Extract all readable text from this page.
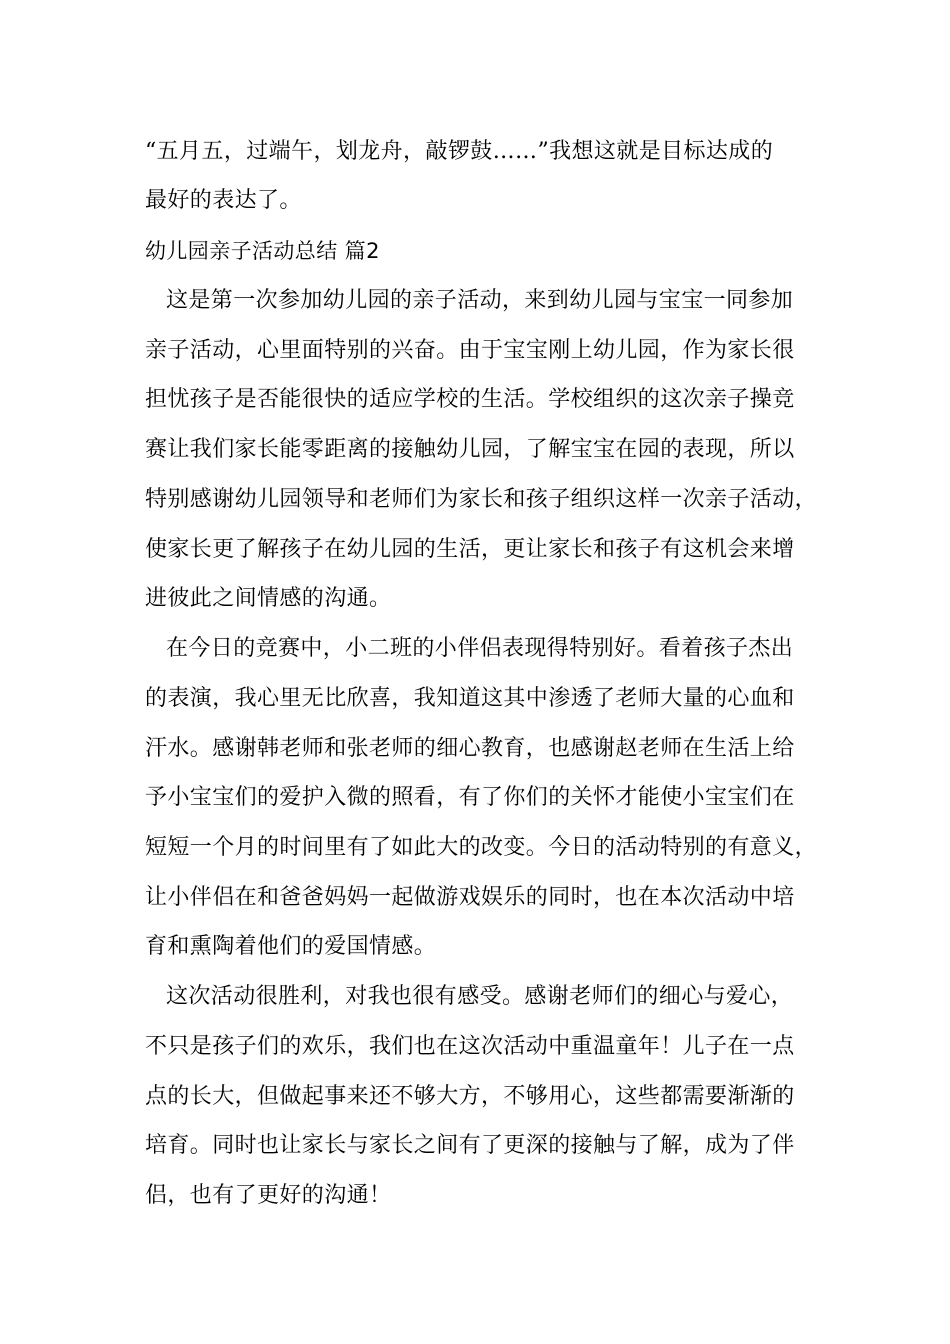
“五月五，过端午，划龙舟，敲锣鼓……”我想这就是目标达成的

最好的表达了。

幼儿园亲子活动总结 篇2

这是第一次参加幼儿园的亲子活动，来到幼儿园与宝宝一同参加

亲子活动，心里面特别的兴奋。由于宝宝刚上幼儿园，作为家长很

担忧孩子是否能很快的适应学校的生活。学校组织的这次亲子操竞

赛让我们家长能零距离的接触幼儿园，了解宝宝在园的表现，所以

特别感谢幼儿园领导和老师们为家长和孩子组织这样一次亲子活动，

使家长更了解孩子在幼儿园的生活，更让家长和孩子有这机会来增

进彼此之间情感的沟通。

在今日的竞赛中，小二班的小伴侣表现得特别好。看着孩子杰出

的表演，我心里无比欣喜，我知道这其中渗透了老师大量的心血和

汗水。感谢韩老师和张老师的细心教育，也感谢赵老师在生活上给

予小宝宝们的爱护入微的照看，有了你们的关怀才能使小宝宝们在

短短一个月的时间里有了如此大的改变。今日的活动特别的有意义，

让小伴侣在和爸爸妈妈一起做游戏娱乐的同时，也在本次活动中培

育和熏陶着他们的爱国情感。

这次活动很胜利，对我也很有感受。感谢老师们的细心与爱心，

不只是孩子们的欢乐，我们也在这次活动中重温童年！儿子在一点

点的长大，但做起事来还不够大方，不够用心，这些都需要渐渐的

培育。同时也让家长与家长之间有了更深的接触与了解，成为了伴

侣，也有了更好的沟通！
